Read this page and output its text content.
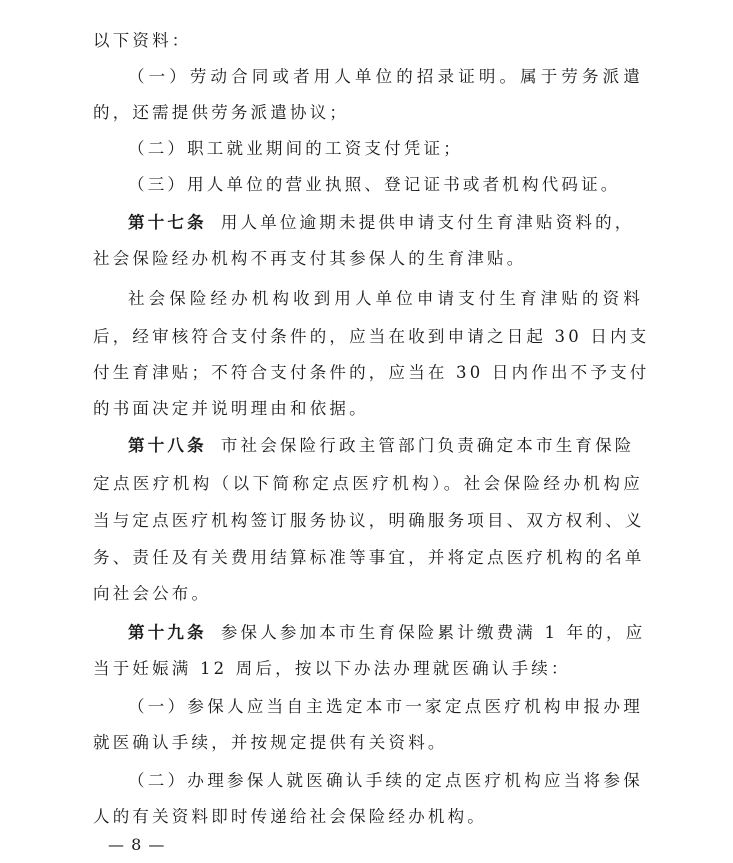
以下资料：
（一）劳动合同或者用人单位的招录证明。属于劳务派遣
的，还需提供劳务派遣协议；
（二）职工就业期间的工资支付凭证；
（三）用人单位的营业执照、登记证书或者机构代码证。
第十七条 用人单位逾期未提供申请支付生育津贴资料的，
社会保险经办机构不再支付其参保人的生育津贴。
社会保险经办机构收到用人单位申请支付生育津贴的资料
后，经审核符合支付条件的，应当在收到申请之日起 30 日内支
付生育津贴；不符合支付条件的，应当在 30 日内作出不予支付
的书面决定并说明理由和依据。
第十八条 市社会保险行政主管部门负责确定本市生育保险
定点医疗机构（以下简称定点医疗机构）。社会保险经办机构应
当与定点医疗机构签订服务协议，明确服务项目、双方权利、义
务、责任及有关费用结算标准等事宜，并将定点医疗机构的名单
向社会公布。
第十九条 参保人参加本市生育保险累计缴费满 1 年的，应
当于妊娠满 12 周后，按以下办法办理就医确认手续：
（一）参保人应当自主选定本市一家定点医疗机构申报办理
就医确认手续，并按规定提供有关资料。
（二）办理参保人就医确认手续的定点医疗机构应当将参保
人的有关资料即时传递给社会保险经办机构。
— 8 —
